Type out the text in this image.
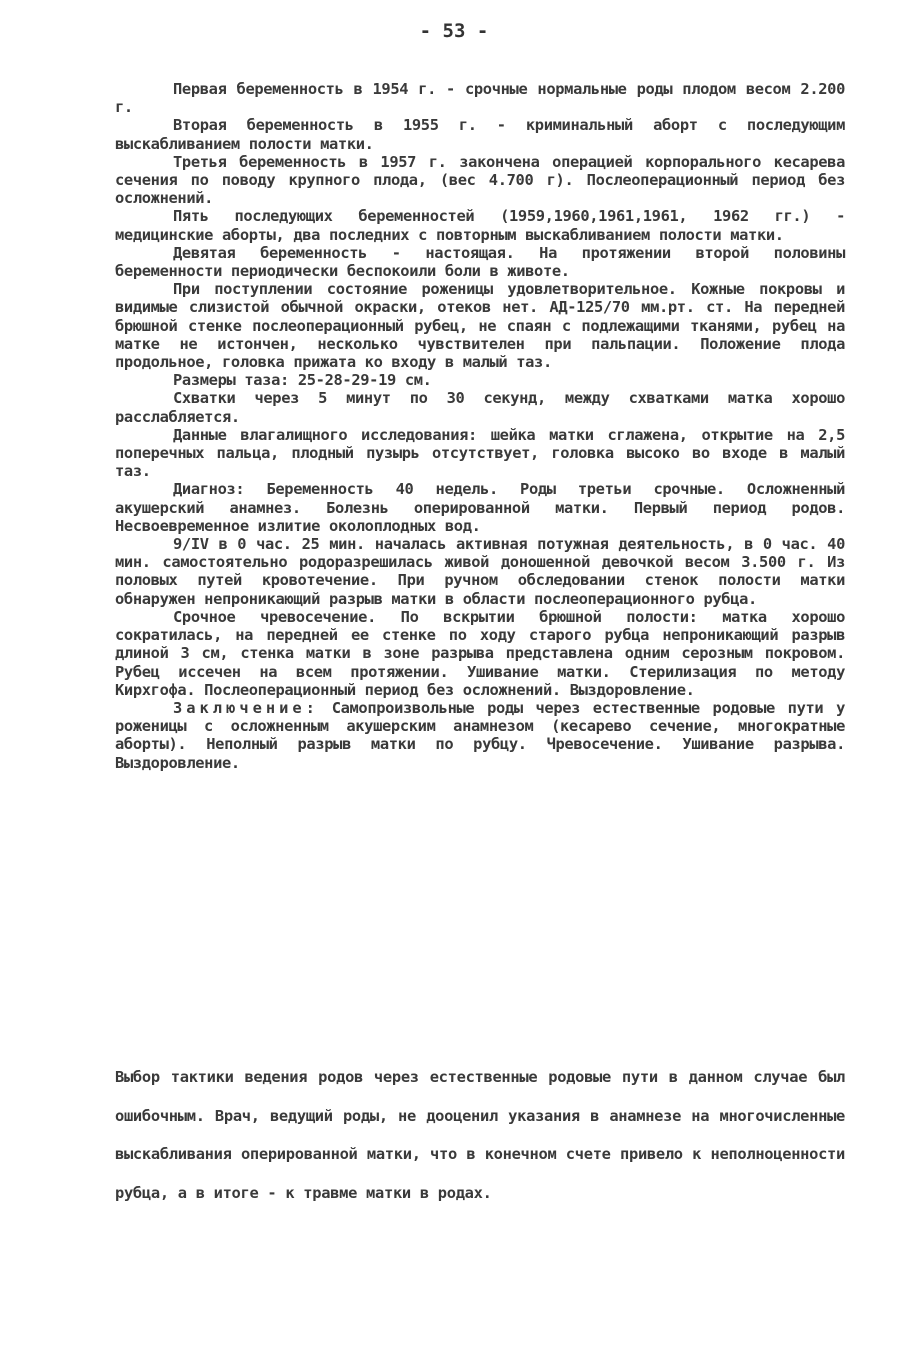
- 53 -

Первая беременность в 1954 г. - срочные нормальные роды плодом весом 2.200 г.

Вторая беременность в 1955 г. - криминальный аборт с последующим выскабливанием полости матки.

Третья беременность в 1957 г. закончена операцией корпорального кесарева сечения по поводу крупного плода, (вес 4.700 г). Послеоперационный период без осложнений.

Пять последующих беременностей (1959,1960,1961,1961, 1962 гг.) - медицинские аборты, два последних с повторным выскабливанием полости матки.

Девятая беременность - настоящая. На протяжении второй половины беременности периодически беспокоили боли в животе.

При поступлении состояние роженицы удовлетворительное. Кожные покровы и видимые слизистой обычной окраски, отеков нет. АД-125/70 мм.рт. ст. На передней брюшной стенке послеоперационный рубец, не спаян с подлежащими тканями, рубец на матке не истончен, несколько чувствителен при пальпации. Положение плода продольное, головка прижата ко входу в малый таз.

Размеры таза: 25-28-29-19 см.

Схватки через 5 минут по 30 секунд, между схватками матка хорошо расслабляется.

Данные влагалищного исследования: шейка матки сглажена, открытие на 2,5 поперечных пальца, плодный пузырь отсутствует, головка высоко во входе в малый таз.

Диагноз: Беременность 40 недель. Роды третьи срочные. Осложненный акушерский анамнез. Болезнь оперированной матки. Первый период родов. Несвоевременное излитие околоплодных вод.

9/IV в 0 час. 25 мин. началась активная потужная деятельность, в 0 час. 40 мин. самостоятельно родоразрешилась живой доношенной девочкой весом 3.500 г. Из половых путей кровотечение. При ручном обследовании стенок полости матки обнаружен непроникающий разрыв матки в области послеоперационного рубца.

Срочное чревосечение. По вскрытии брюшной полости: матка хорошо сократилась, на передней ее стенке по ходу старого рубца непроникающий разрыв длиной 3 см, стенка матки в зоне разрыва представлена одним серозным покровом. Рубец иссечен на всем протяжении. Ушивание матки. Стерилизация по методу Кирхгофа. Послеоперационный период без осложнений. Выздоровление.

Заключение: Самопроизвольные роды через естественные родовые пути у роженицы с осложненным акушерским анамнезом (кесарево сечение, многократные аборты). Неполный разрыв матки по рубцу. Чревосечение. Ушивание разрыва. Выздоровление.

Выбор тактики ведения родов через естественные родовые пути в данном случае был ошибочным. Врач, ведущий роды, не дооценил указания в анамнезе на многочисленные выскабливания оперированной матки, что в конечном счете привело к неполноценности рубца, а в итоге - к травме матки в родах.
